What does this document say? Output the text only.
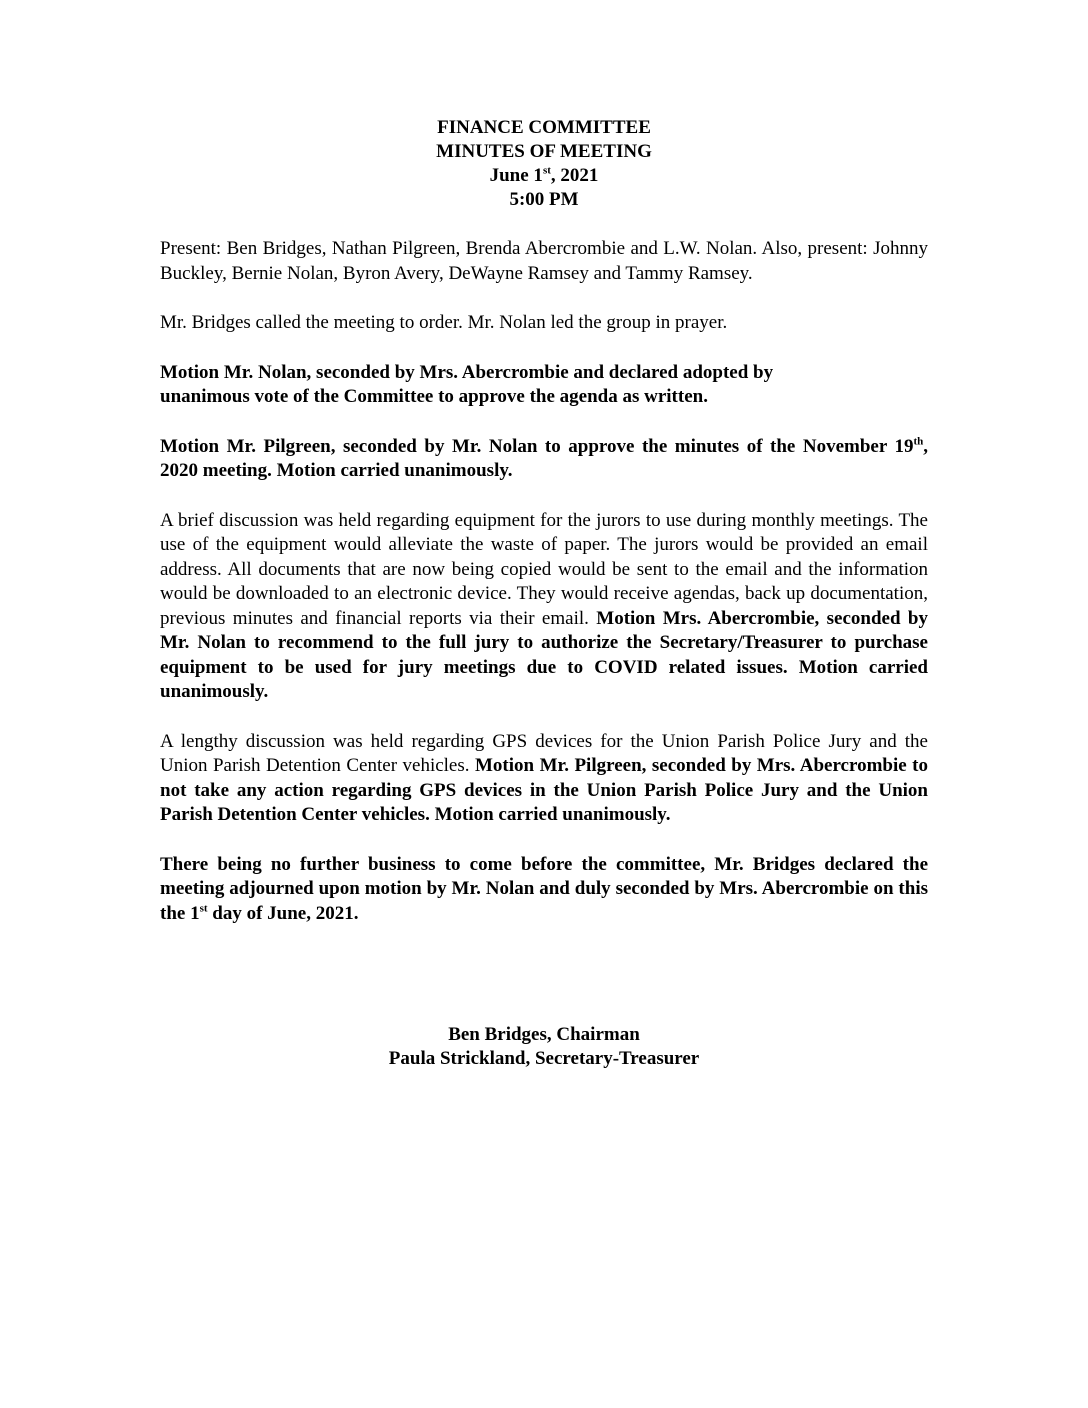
FINANCE COMMITTEE
MINUTES OF MEETING
June 1st, 2021
5:00 PM

Present: Ben Bridges, Nathan Pilgreen, Brenda Abercrombie and L.W. Nolan. Also, present: Johnny Buckley, Bernie Nolan, Byron Avery, DeWayne Ramsey and Tammy Ramsey.

Mr. Bridges called the meeting to order. Mr. Nolan led the group in prayer.

Motion Mr. Nolan, seconded by Mrs. Abercrombie and declared adopted by
unanimous vote of the Committee to approve the agenda as written.

Motion Mr. Pilgreen, seconded by Mr. Nolan to approve the minutes of the November 19th, 2020 meeting. Motion carried unanimously.

A brief discussion was held regarding equipment for the jurors to use during monthly meetings. The use of the equipment would alleviate the waste of paper. The jurors would be provided an email address. All documents that are now being copied would be sent to the email and the information would be downloaded to an electronic device. They would receive agendas, back up documentation, previous minutes and financial reports via their email. Motion Mrs. Abercrombie, seconded by Mr. Nolan to recommend to the full jury to authorize the Secretary/Treasurer to purchase equipment to be used for jury meetings due to COVID related issues. Motion carried unanimously.

A lengthy discussion was held regarding GPS devices for the Union Parish Police Jury and the Union Parish Detention Center vehicles. Motion Mr. Pilgreen, seconded by Mrs. Abercrombie to not take any action regarding GPS devices in the Union Parish Police Jury and the Union Parish Detention Center vehicles. Motion carried unanimously.

There being no further business to come before the committee, Mr. Bridges declared the meeting adjourned upon motion by Mr. Nolan and duly seconded by Mrs. Abercrombie on this the 1st day of June, 2021.

Ben Bridges, Chairman
Paula Strickland, Secretary-Treasurer
